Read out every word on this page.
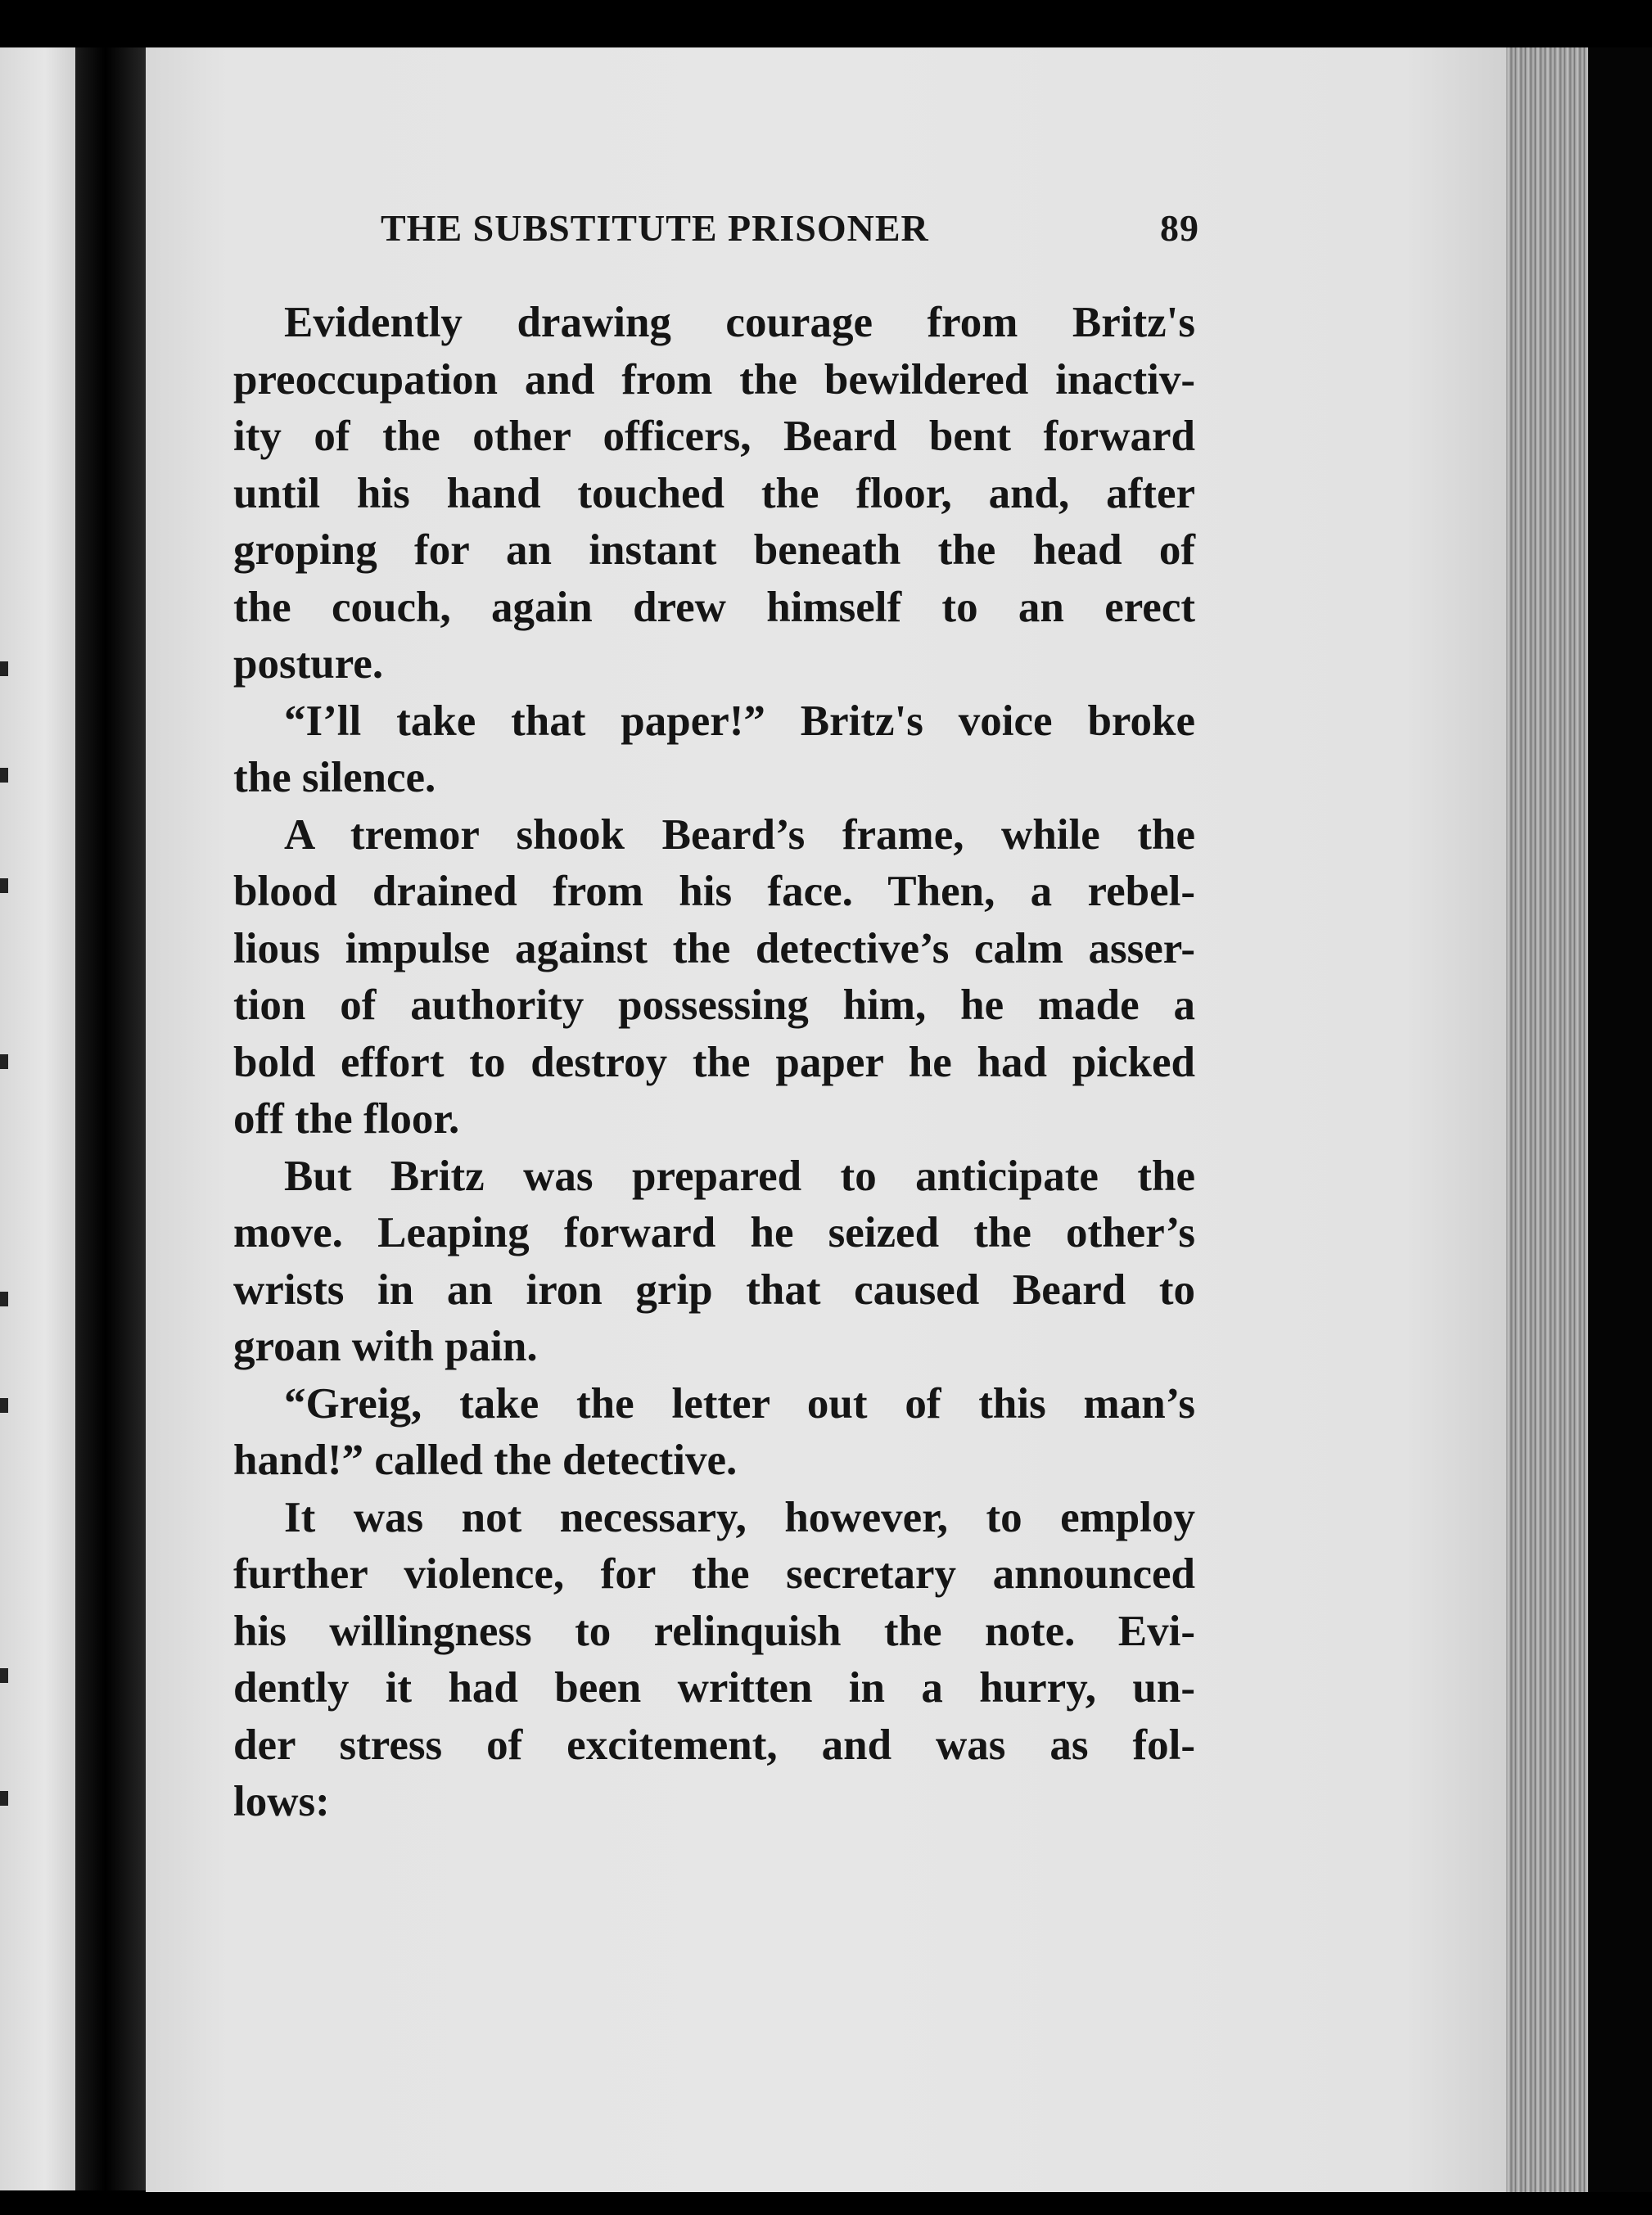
THE SUBSTITUTE PRISONER	89
Evidently drawing courage from Britz's
preoccupation and from the bewildered inactiv-
ity of the other officers, Beard bent forward
until his hand touched the floor, and, after
groping for an instant beneath the head of
the couch, again drew himself to an erect
posture.
“I’ll take that paper!” Britz's voice broke
the silence.
A tremor shook Beard’s frame, while the
blood drained from his face. Then, a rebel-
lious impulse against the detective’s calm asser-
tion of authority possessing him, he made a
bold effort to destroy the paper he had picked
off the floor.
But Britz was prepared to anticipate the
move. Leaping forward he seized the other’s
wrists in an iron grip that caused Beard to
groan with pain.
“Greig, take the letter out of this man’s
hand!” called the detective.
It was not necessary, however, to employ
further violence, for the secretary announced
his willingness to relinquish the note. Evi-
dently it had been written in a hurry, un-
der stress of excitement, and was as fol-
lows:
